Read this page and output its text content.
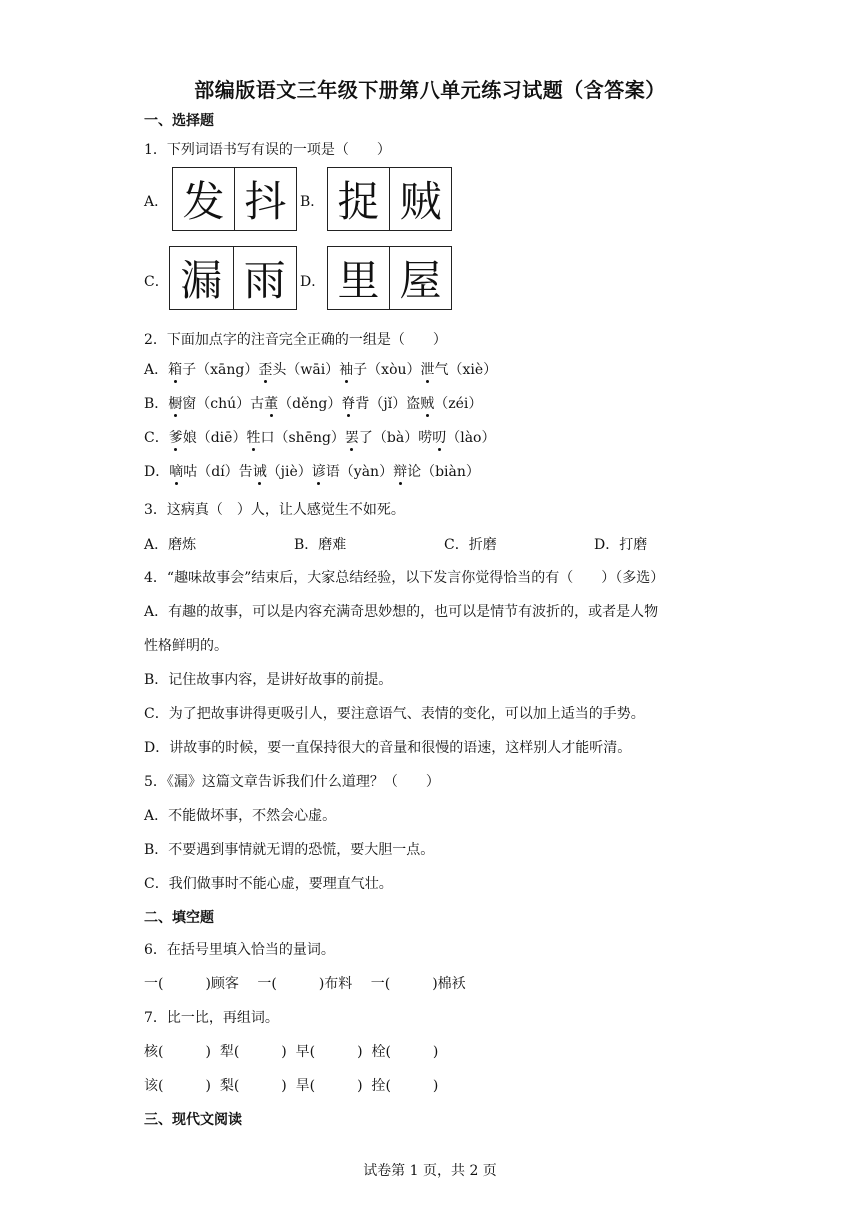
部编版语文三年级下册第八单元练习试题（含答案）
一、选择题
1．下列词语书写有误的一项是（　　）
A． 发 抖 B． 捉 贼
C． 漏 雨	D． 里 屋
2．下面加点字的注音完全正确的一组是（　　）
A．箱子（xāng）歪头（wāi）袖子（xòu）泄气（xiè）
B．橱窗（chú）古董（děng）脊背（jǐ）盗贼（zéi）
C．爹娘（diē）牲口（shēng）罢了（bà）唠叨（lào）
D．嘀咕（dí）告诫（jiè）谚语（yàn）辩论（biàn）
3．这病真（　）人，让人感觉生不如死。
A．磨炼	B．磨难	C．折磨	D．打磨
4．“趣味故事会”结束后，大家总结经验，以下发言你觉得恰当的有（　　）（多选）
A．有趣的故事，可以是内容充满奇思妙想的，也可以是情节有波折的，或者是人物
性格鲜明的。
B．记住故事内容，是讲好故事的前提。
C．为了把故事讲得更吸引人，要注意语气、表情的变化，可以加上适当的手势。
D．讲故事的时候，要一直保持很大的音量和很慢的语速，这样别人才能听清。
5．《漏》这篇文章告诉我们什么道理？（　　）
A．不能做坏事，不然会心虚。
B．不要遇到事情就无谓的恐慌，要大胆一点。
C．我们做事时不能心虚，要理直气壮。
二、填空题
6．在括号里填入恰当的量词。
一(　　　)顾客　 一(　　　)布料　 一(　　　)棉袄
7．比一比，再组词。
核(　　　)  犁(　　　)  早(　　　)  栓(　　　)
该(　　　)  梨(　　　)  旱(　　　)  拴(　　　)
三、现代文阅读
试卷第 1 页，共 2 页
